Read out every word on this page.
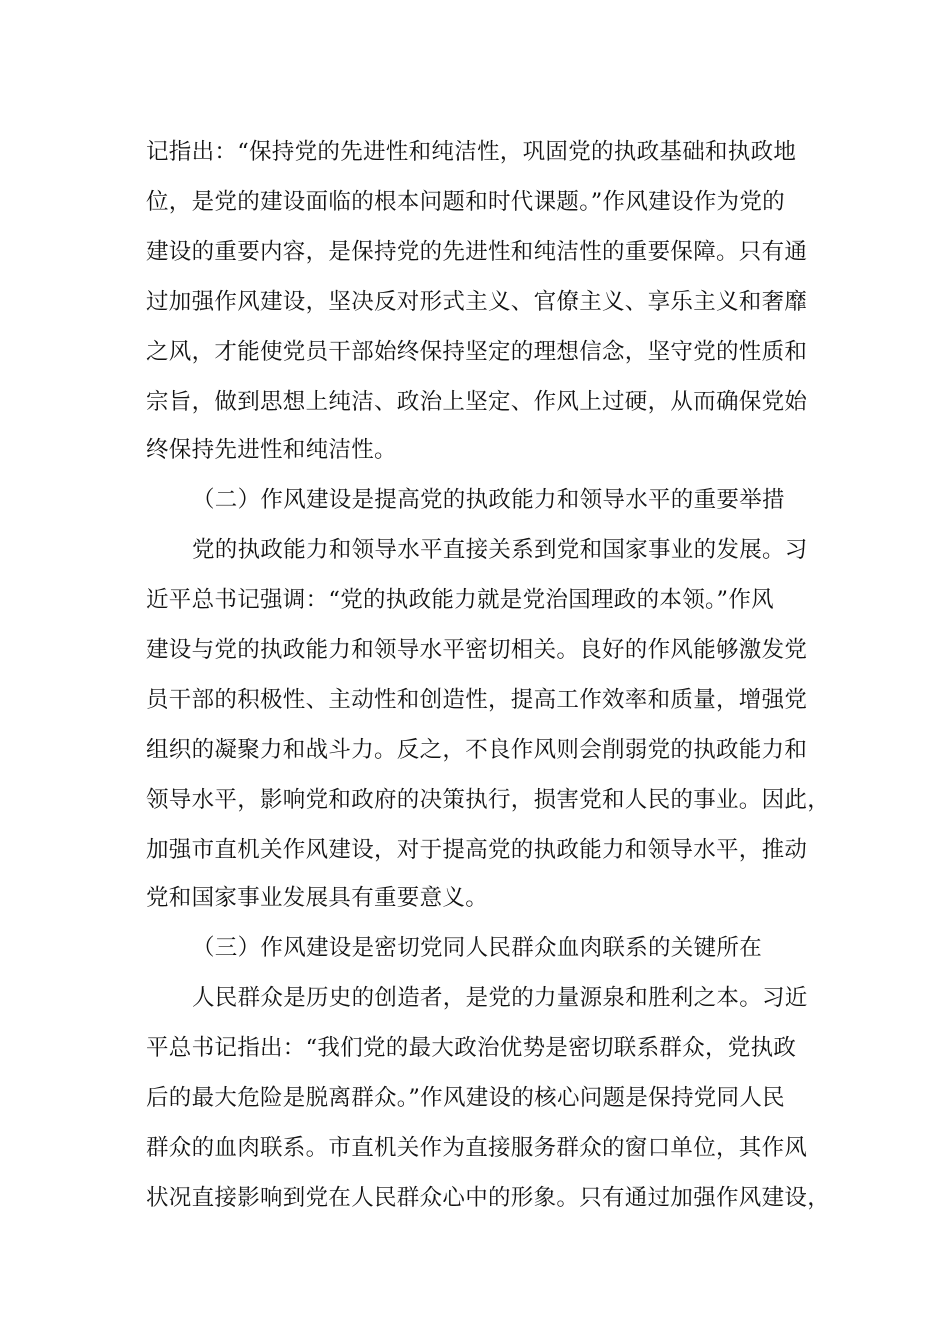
记指出：“保持党的先进性和纯洁性，巩固党的执政基础和执政地
位，是党的建设面临的根本问题和时代课题。”作风建设作为党的
建设的重要内容，是保持党的先进性和纯洁性的重要保障。只有通
过加强作风建设，坚决反对形式主义、官僚主义、享乐主义和奢靡
之风，才能使党员干部始终保持坚定的理想信念，坚守党的性质和
宗旨，做到思想上纯洁、政治上坚定、作风上过硬，从而确保党始
终保持先进性和纯洁性。
（二）作风建设是提高党的执政能力和领导水平的重要举措
党的执政能力和领导水平直接关系到党和国家事业的发展。习
近平总书记强调：“党的执政能力就是党治国理政的本领。”作风
建设与党的执政能力和领导水平密切相关。良好的作风能够激发党
员干部的积极性、主动性和创造性，提高工作效率和质量，增强党
组织的凝聚力和战斗力。反之，不良作风则会削弱党的执政能力和
领导水平，影响党和政府的决策执行，损害党和人民的事业。因此，
加强市直机关作风建设，对于提高党的执政能力和领导水平，推动
党和国家事业发展具有重要意义。
（三）作风建设是密切党同人民群众血肉联系的关键所在
人民群众是历史的创造者，是党的力量源泉和胜利之本。习近
平总书记指出：“我们党的最大政治优势是密切联系群众，党执政
后的最大危险是脱离群众。”作风建设的核心问题是保持党同人民
群众的血肉联系。市直机关作为直接服务群众的窗口单位，其作风
状况直接影响到党在人民群众心中的形象。只有通过加强作风建设，
